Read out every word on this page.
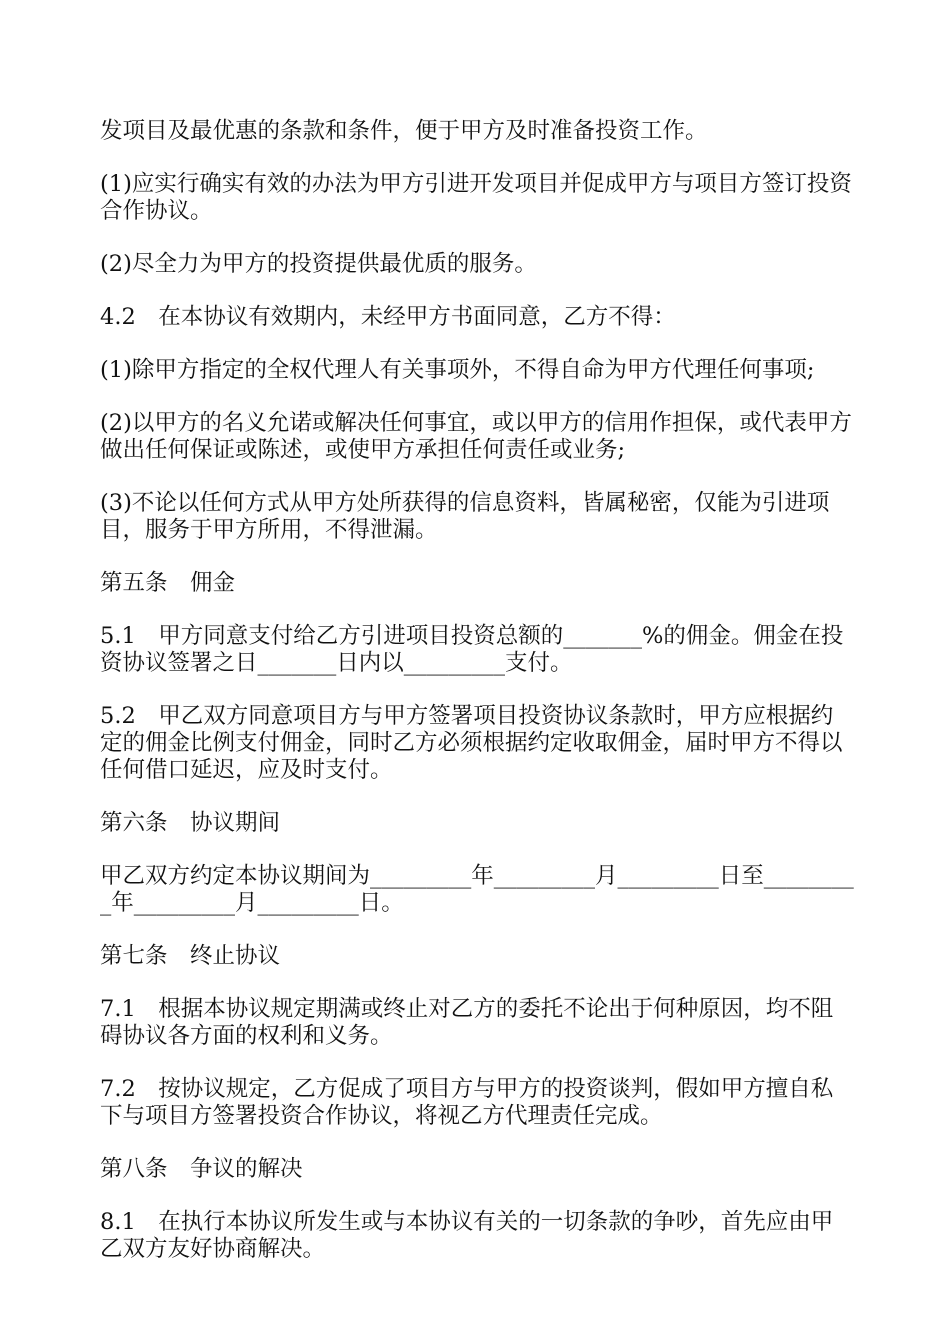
发项目及最优惠的条款和条件，便于甲方及时准备投资工作。

(1)应实行确实有效的办法为甲方引进开发项目并促成甲方与项目方签订投资合作协议。

(2)尽全力为甲方的投资提供最优质的服务。

4.2　在本协议有效期内，未经甲方书面同意，乙方不得：

(1)除甲方指定的全权代理人有关事项外，不得自命为甲方代理任何事项;

(2)以甲方的名义允诺或解决任何事宜，或以甲方的信用作担保，或代表甲方做出任何保证或陈述，或使甲方承担任何责任或业务;

(3)不论以任何方式从甲方处所获得的信息资料，皆属秘密，仅能为引进项目，服务于甲方所用，不得泄漏。

第五条　佣金

5.1　甲方同意支付给乙方引进项目投资总额的_______%的佣金。佣金在投资协议签署之日_______日内以_________支付。

5.2　甲乙双方同意项目方与甲方签署项目投资协议条款时，甲方应根据约定的佣金比例支付佣金，同时乙方必须根据约定收取佣金，届时甲方不得以任何借口延迟，应及时支付。

第六条　协议期间

甲乙双方约定本协议期间为_________年_________月_________日至_________年_________月_________日。

第七条　终止协议

7.1　根据本协议规定期满或终止对乙方的委托不论出于何种原因，均不阻碍协议各方面的权利和义务。

7.2　按协议规定，乙方促成了项目方与甲方的投资谈判，假如甲方擅自私下与项目方签署投资合作协议，将视乙方代理责任完成。

第八条　争议的解决

8.1　在执行本协议所发生或与本协议有关的一切条款的争吵，首先应由甲乙双方友好协商解决。
